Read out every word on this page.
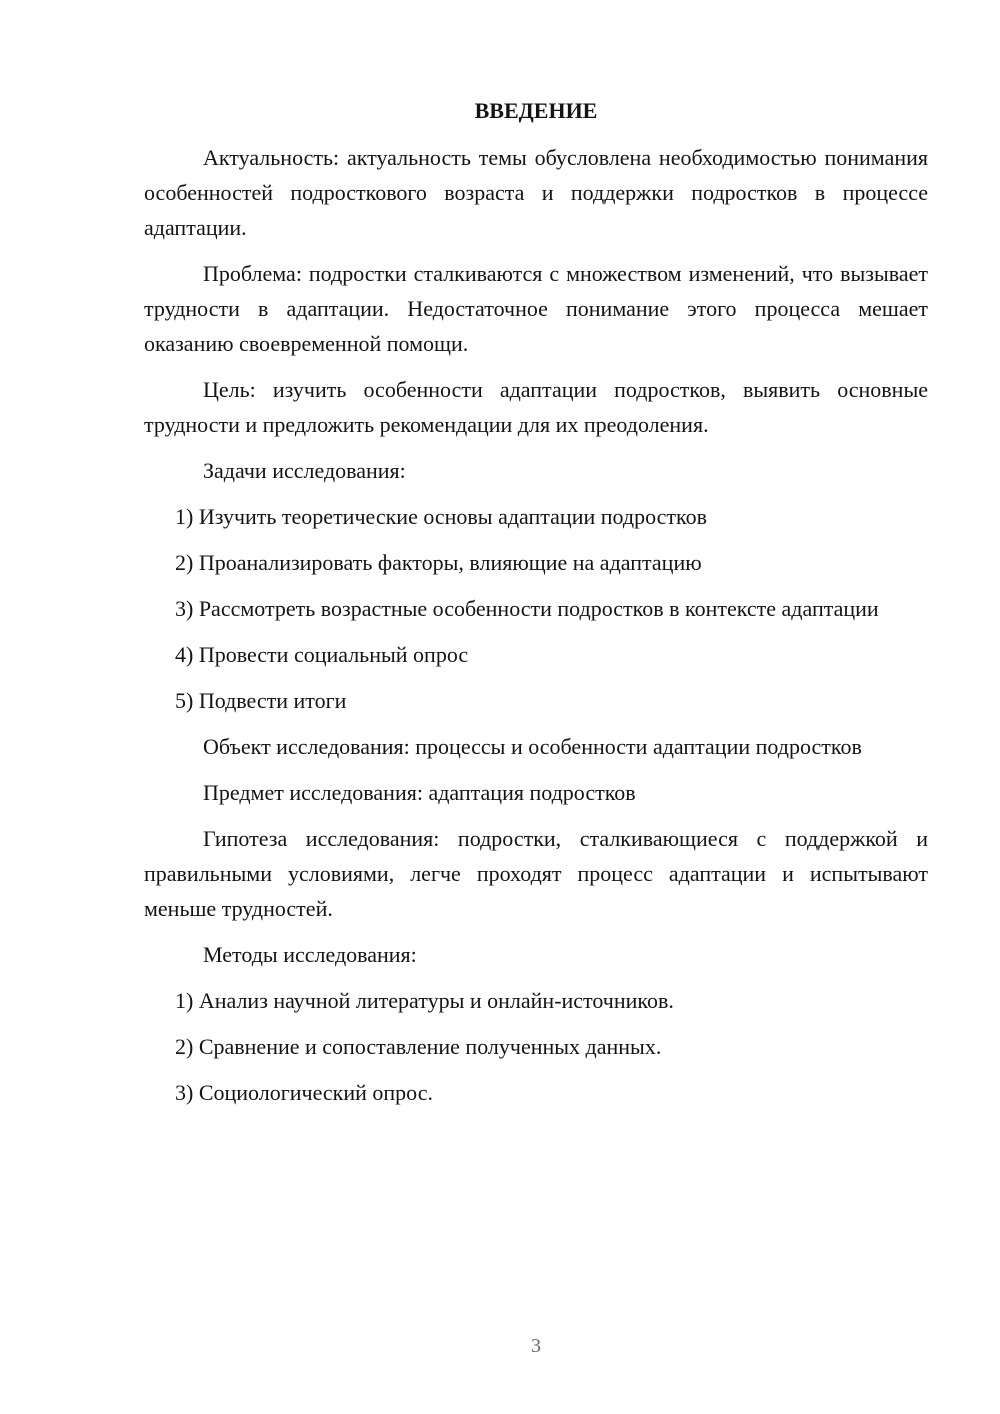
ВВЕДЕНИЕ

Актуальность: актуальность темы обусловлена необходимостью понимания особенностей подросткового возраста и поддержки подростков в процессе адаптации.

Проблема: подростки сталкиваются с множеством изменений, что вызывает трудности в адаптации. Недостаточное понимание этого процесса мешает оказанию своевременной помощи.

Цель: изучить особенности адаптации подростков, выявить основные трудности и предложить рекомендации для их преодоления.

Задачи исследования:

1) Изучить теоретические основы адаптации подростков

2) Проанализировать факторы, влияющие на адаптацию

3) Рассмотреть возрастные особенности подростков в контексте адаптации

4) Провести социальный опрос

5) Подвести итоги

Объект исследования: процессы и особенности адаптации подростков

Предмет исследования: адаптация подростков

Гипотеза исследования: подростки, сталкивающиеся с поддержкой и правильными условиями, легче проходят процесс адаптации и испытывают меньше трудностей.

Методы исследования:

1) Анализ научной литературы и онлайн-источников.

2) Сравнение и сопоставление полученных данных.

3) Социологический опрос.

3
